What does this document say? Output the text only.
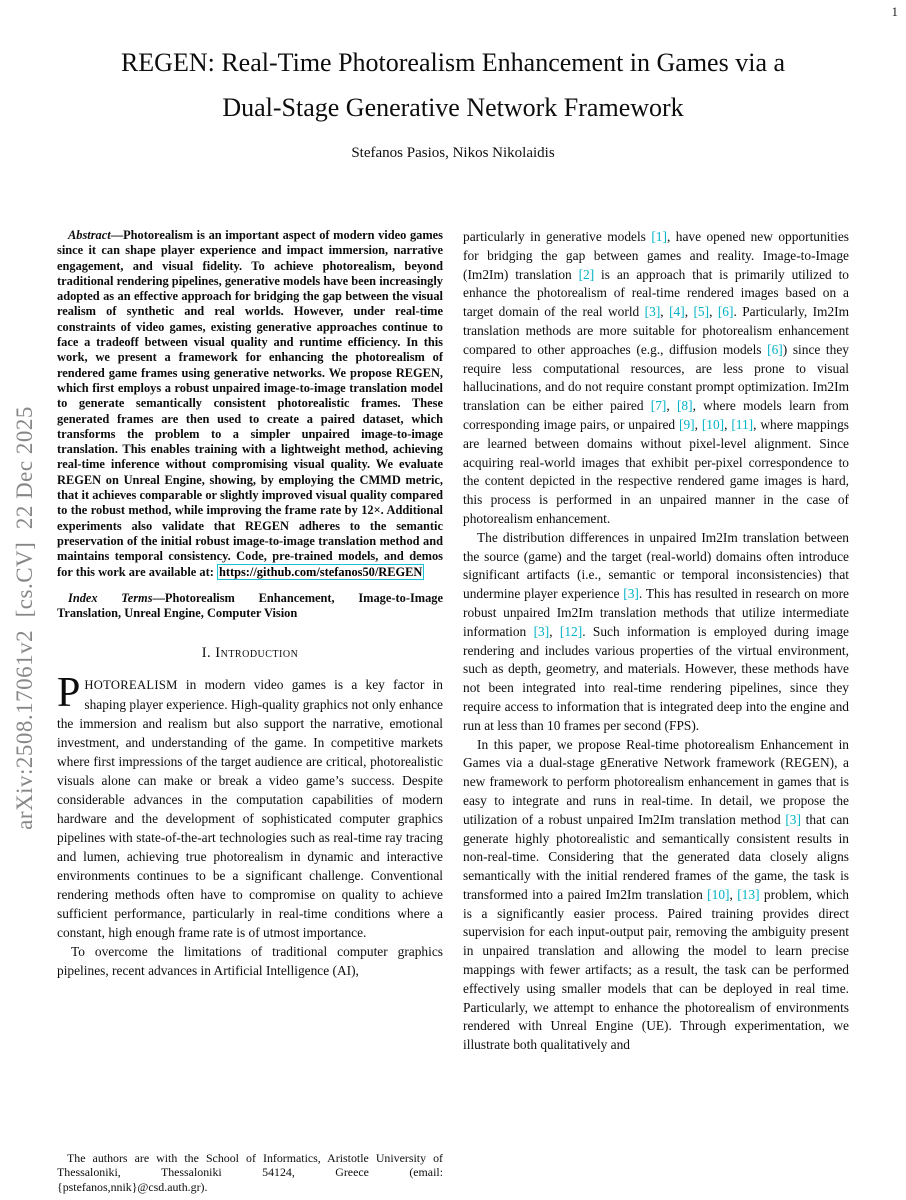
1
arXiv:2508.17061v2  [cs.CV]  22 Dec 2025
REGEN: Real-Time Photorealism Enhancement in Games via a
Dual-Stage Generative Network Framework
Stefanos Pasios, Nikos Nikolaidis

Abstract—Photorealism is an important aspect of modern video games since it can shape player experience and impact immersion, narrative engagement, and visual fidelity. To achieve photorealism, beyond traditional rendering pipelines, generative models have been increasingly adopted as an effective approach for bridging the gap between the visual realism of synthetic and real worlds. However, under real-time constraints of video games, existing generative approaches continue to face a tradeoff between visual quality and runtime efficiency. In this work, we present a framework for enhancing the photorealism of rendered game frames using generative networks. We propose REGEN, which first employs a robust unpaired image-to-image translation model to generate semantically consistent photorealistic frames. These generated frames are then used to create a paired dataset, which transforms the problem to a simpler unpaired image-to-image translation. This enables training with a lightweight method, achieving real-time inference without compromising visual quality. We evaluate REGEN on Unreal Engine, showing, by employing the CMMD metric, that it achieves comparable or slightly improved visual quality compared to the robust method, while improving the frame rate by 12×. Additional experiments also validate that REGEN adheres to the semantic preservation of the initial robust image-to-image translation method and maintains temporal consistency. Code, pre-trained models, and demos for this work are available at: https://github.com/stefanos50/REGEN

Index Terms—Photorealism Enhancement, Image-to-Image Translation, Unreal Engine, Computer Vision

I. Introduction

PHOTOREALISM in modern video games is a key factor in shaping player experience. High-quality graphics not only enhance the immersion and realism but also support the narrative, emotional investment, and understanding of the game. In competitive markets where first impressions of the target audience are critical, photorealistic visuals alone can make or break a video game’s success. Despite considerable advances in the computation capabilities of modern hardware and the development of sophisticated computer graphics pipelines with state-of-the-art technologies such as real-time ray tracing and lumen, achieving true photorealism in dynamic and interactive environments continues to be a significant challenge. Conventional rendering methods often have to compromise on quality to achieve sufficient performance, particularly in real-time conditions where a constant, high enough frame rate is of utmost importance.

To overcome the limitations of traditional computer graphics pipelines, recent advances in Artificial Intelligence (AI),

The authors are with the School of Informatics, Aristotle University of Thessaloniki, Thessaloniki 54124, Greece (email: {pstefanos,nnik}@csd.auth.gr).

particularly in generative models [1], have opened new opportunities for bridging the gap between games and reality. Image-to-Image (Im2Im) translation [2] is an approach that is primarily utilized to enhance the photorealism of real-time rendered images based on a target domain of the real world [3], [4], [5], [6]. Particularly, Im2Im translation methods are more suitable for photorealism enhancement compared to other approaches (e.g., diffusion models [6]) since they require less computational resources, are less prone to visual hallucinations, and do not require constant prompt optimization. Im2Im translation can be either paired [7], [8], where models learn from corresponding image pairs, or unpaired [9], [10], [11], where mappings are learned between domains without pixel-level alignment. Since acquiring real-world images that exhibit per-pixel correspondence to the content depicted in the respective rendered game images is hard, this process is performed in an unpaired manner in the case of photorealism enhancement.

The distribution differences in unpaired Im2Im translation between the source (game) and the target (real-world) domains often introduce significant artifacts (i.e., semantic or temporal inconsistencies) that undermine player experience [3]. This has resulted in research on more robust unpaired Im2Im translation methods that utilize intermediate information [3], [12]. Such information is employed during image rendering and includes various properties of the virtual environment, such as depth, geometry, and materials. However, these methods have not been integrated into real-time rendering pipelines, since they require access to information that is integrated deep into the engine and run at less than 10 frames per second (FPS).

In this paper, we propose Real-time photorealism Enhancement in Games via a dual-stage gEnerative Network framework (REGEN), a new framework to perform photorealism enhancement in games that is easy to integrate and runs in real-time. In detail, we propose the utilization of a robust unpaired Im2Im translation method [3] that can generate highly photorealistic and semantically consistent results in non-real-time. Considering that the generated data closely aligns semantically with the initial rendered frames of the game, the task is transformed into a paired Im2Im translation [10], [13] problem, which is a significantly easier process. Paired training provides direct supervision for each input-output pair, removing the ambiguity present in unpaired translation and allowing the model to learn precise mappings with fewer artifacts; as a result, the task can be performed effectively using smaller models that can be deployed in real time. Particularly, we attempt to enhance the photorealism of environments rendered with Unreal Engine (UE). Through experimentation, we illustrate both qualitatively and
